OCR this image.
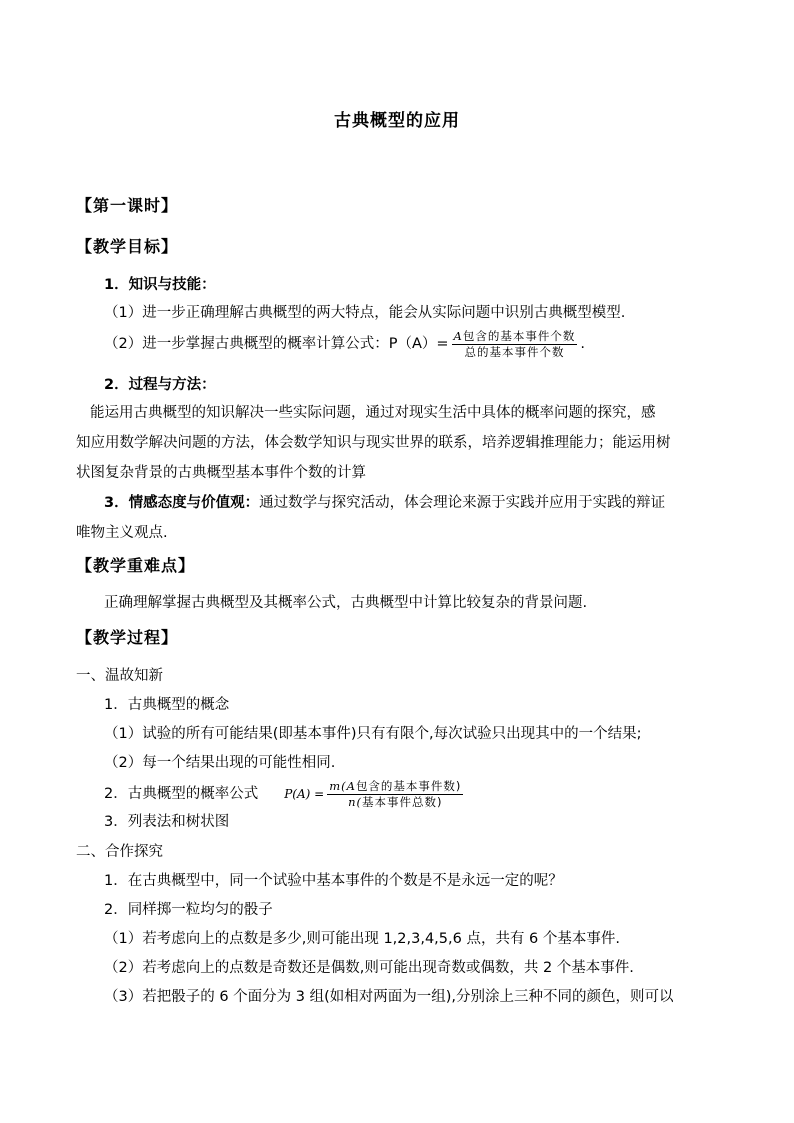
古典概型的应用
【第一课时】
【教学目标】
1．知识与技能：
（1）进一步正确理解古典概型的两大特点，能会从实际问题中识别古典概型模型.
（2）进一步掌握古典概型的概率计算公式：$P(A)= \frac{\text{A包含的基本事件个数}}{\text{总的基本事件个数}}$ .
2．过程与方法：
能运用古典概型的知识解决一些实际问题，通过对现实生活中具体的概率问题的探究，感
知应用数学解决问题的方法，体会数学知识与现实世界的联系，培养逻辑推理能力；能运用树
状图复杂背景的古典概型基本事件个数的计算
3．情感态度与价值观：通过数学与探究活动，体会理论来源于实践并应用于实践的辩证
唯物主义观点.
【教学重难点】
正确理解掌握古典概型及其概率公式，古典概型中计算比较复杂的背景问题.
【教学过程】
一、温故知新
1．古典概型的概念
（1）试验的所有可能结果(即基本事件)只有有限个,每次试验只出现其中的一个结果;
（2）每一个结果出现的可能性相同.
2．古典概型的概率公式 $P(A) = \frac{\text{m(A包含的基本事件数)}}{\text{n(基本事件总数)}}$
3．列表法和树状图
二、合作探究
1．在古典概型中，同一个试验中基本事件的个数是不是永远一定的呢？
2．同样掷一粒均匀的骰子
（1）若考虑向上的点数是多少,则可能出现 1,2,3,4,5,6 点，共有 6 个基本事件.
（2）若考虑向上的点数是奇数还是偶数,则可能出现奇数或偶数，共 2 个基本事件.
（3）若把骰子的 6 个面分为 3 组(如相对两面为一组),分别涂上三种不同的颜色，则可以
